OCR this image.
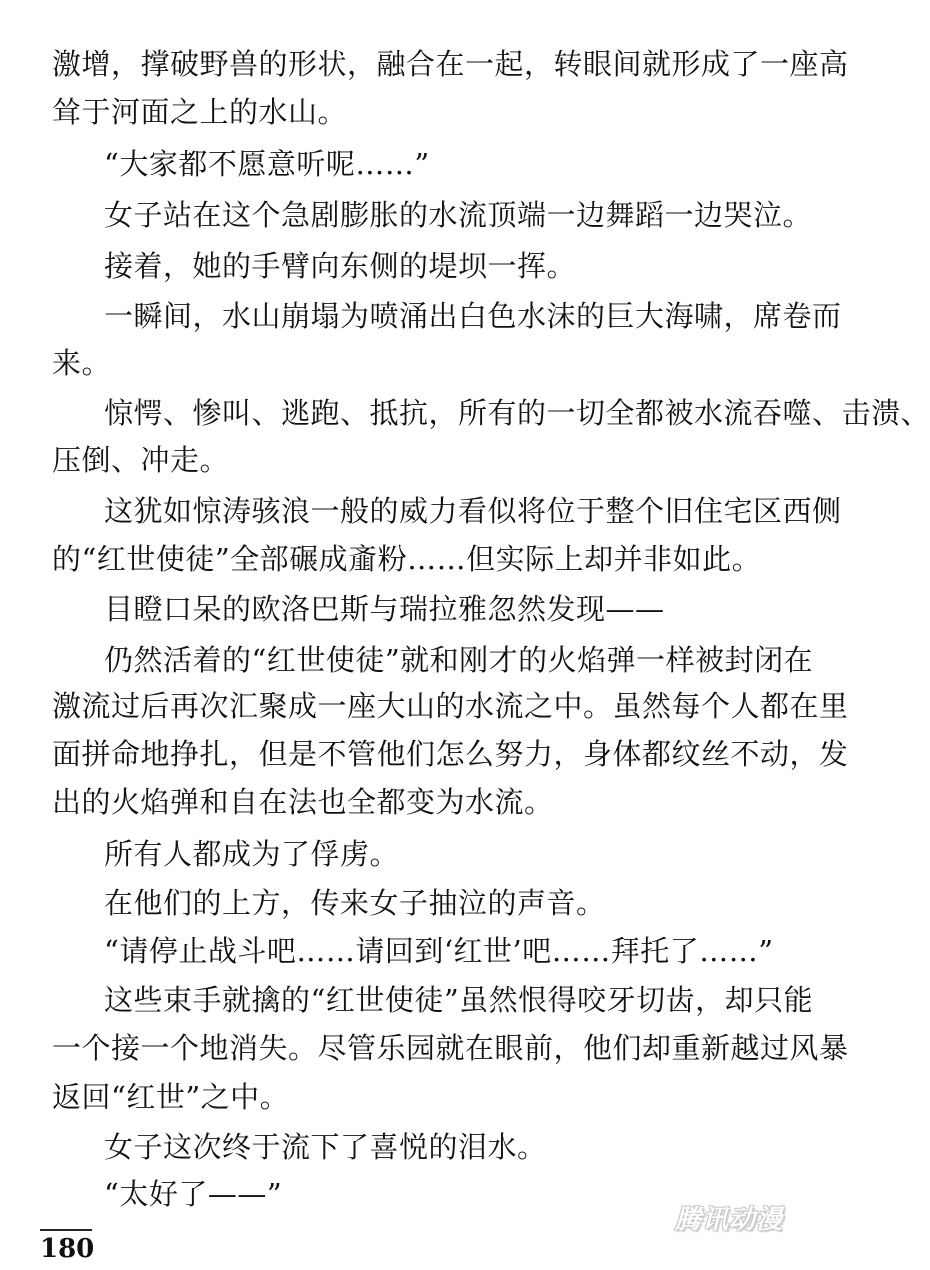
激增，撑破野兽的形状，融合在一起，转眼间就形成了一座高
耸于河面之上的水山。
“大家都不愿意听呢……”
女子站在这个急剧膨胀的水流顶端一边舞蹈一边哭泣。
接着，她的手臂向东侧的堤坝一挥。
一瞬间，水山崩塌为喷涌出白色水沫的巨大海啸，席卷而
来。
惊愕、惨叫、逃跑、抵抗，所有的一切全都被水流吞噬、击溃、
压倒、冲走。
这犹如惊涛骇浪一般的威力看似将位于整个旧住宅区西侧
的“红世使徒”全部碾成齑粉……但实际上却并非如此。
目瞪口呆的欧洛巴斯与瑞拉雅忽然发现——
仍然活着的“红世使徒”就和刚才的火焰弹一样被封闭在
激流过后再次汇聚成一座大山的水流之中。虽然每个人都在里
面拼命地挣扎，但是不管他们怎么努力，身体都纹丝不动，发
出的火焰弹和自在法也全都变为水流。
所有人都成为了俘虏。
在他们的上方，传来女子抽泣的声音。
“请停止战斗吧……请回到‘红世’吧……拜托了……”
这些束手就擒的“红世使徒”虽然恨得咬牙切齿，却只能
一个接一个地消失。尽管乐园就在眼前，他们却重新越过风暴
返回“红世”之中。
女子这次终于流下了喜悦的泪水。
“太好了——”
180
腾讯动漫
